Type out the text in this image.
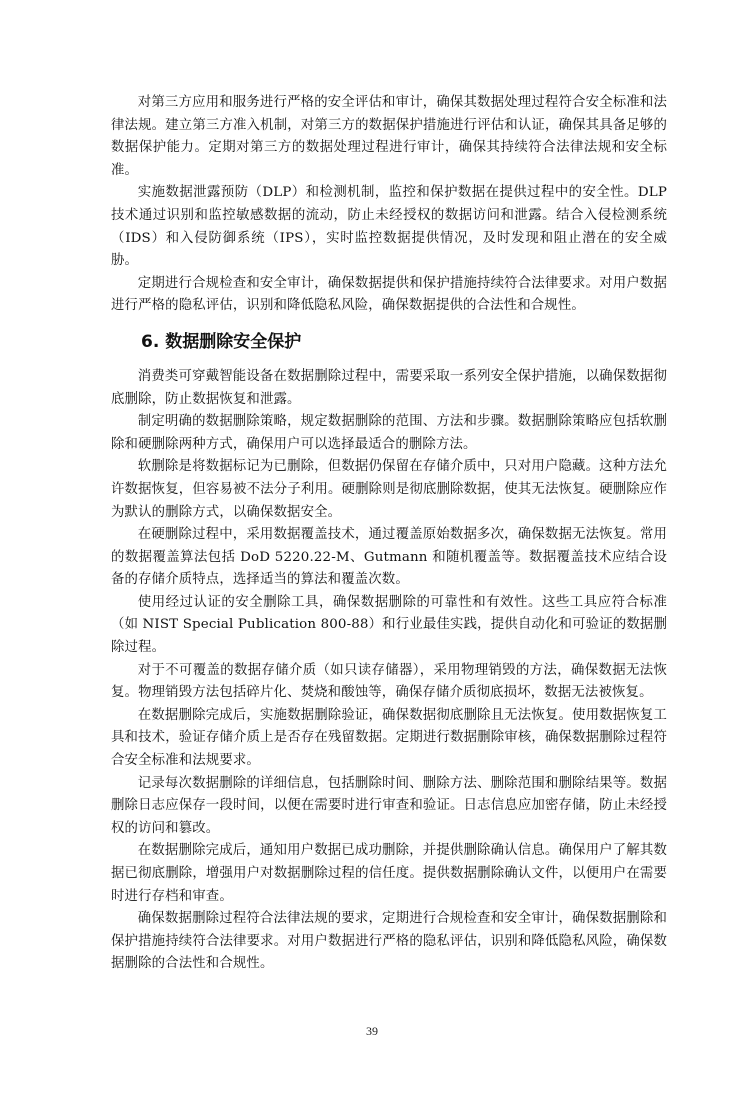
对第三方应用和服务进行严格的安全评估和审计，确保其数据处理过程符合安全标准和法律法规。建立第三方准入机制，对第三方的数据保护措施进行评估和认证，确保其具备足够的数据保护能力。定期对第三方的数据处理过程进行审计，确保其持续符合法律法规和安全标准。

实施数据泄露预防（DLP）和检测机制，监控和保护数据在提供过程中的安全性。DLP 技术通过识别和监控敏感数据的流动，防止未经授权的数据访问和泄露。结合入侵检测系统（IDS）和入侵防御系统（IPS），实时监控数据提供情况，及时发现和阻止潜在的安全威胁。

定期进行合规检查和安全审计，确保数据提供和保护措施持续符合法律要求。对用户数据进行严格的隐私评估，识别和降低隐私风险，确保数据提供的合法性和合规性。

6. 数据删除安全保护

消费类可穿戴智能设备在数据删除过程中，需要采取一系列安全保护措施，以确保数据彻底删除，防止数据恢复和泄露。

制定明确的数据删除策略，规定数据删除的范围、方法和步骤。数据删除策略应包括软删除和硬删除两种方式，确保用户可以选择最适合的删除方法。

软删除是将数据标记为已删除，但数据仍保留在存储介质中，只对用户隐藏。这种方法允许数据恢复，但容易被不法分子利用。硬删除则是彻底删除数据，使其无法恢复。硬删除应作为默认的删除方式，以确保数据安全。

在硬删除过程中，采用数据覆盖技术，通过覆盖原始数据多次，确保数据无法恢复。常用的数据覆盖算法包括 DoD 5220.22-M、Gutmann 和随机覆盖等。数据覆盖技术应结合设备的存储介质特点，选择适当的算法和覆盖次数。

使用经过认证的安全删除工具，确保数据删除的可靠性和有效性。这些工具应符合标准（如 NIST Special Publication 800-88）和行业最佳实践，提供自动化和可验证的数据删除过程。

对于不可覆盖的数据存储介质（如只读存储器），采用物理销毁的方法，确保数据无法恢复。物理销毁方法包括碎片化、焚烧和酸蚀等，确保存储介质彻底损坏，数据无法被恢复。

在数据删除完成后，实施数据删除验证，确保数据彻底删除且无法恢复。使用数据恢复工具和技术，验证存储介质上是否存在残留数据。定期进行数据删除审核，确保数据删除过程符合安全标准和法规要求。

记录每次数据删除的详细信息，包括删除时间、删除方法、删除范围和删除结果等。数据删除日志应保存一段时间，以便在需要时进行审查和验证。日志信息应加密存储，防止未经授权的访问和篡改。

在数据删除完成后，通知用户数据已成功删除，并提供删除确认信息。确保用户了解其数据已彻底删除，增强用户对数据删除过程的信任度。提供数据删除确认文件，以便用户在需要时进行存档和审查。

确保数据删除过程符合法律法规的要求，定期进行合规检查和安全审计，确保数据删除和保护措施持续符合法律要求。对用户数据进行严格的隐私评估，识别和降低隐私风险，确保数据删除的合法性和合规性。

39
